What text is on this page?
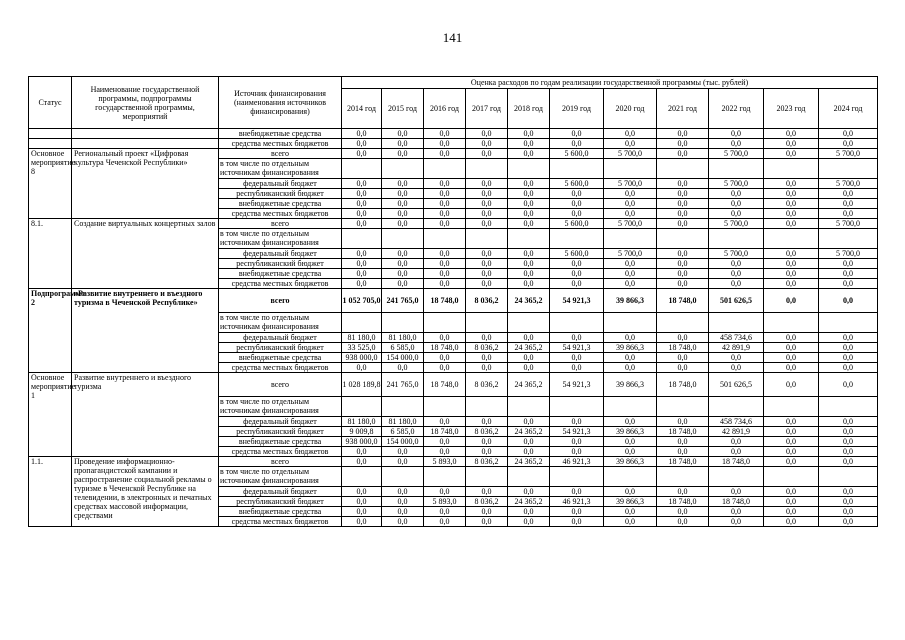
141
Статус	Наименование государственной программы, подпрограммы государственной программы, мероприятий	Источник финансирования (наименования источников финансирования)	Оценка расходов по годам реализации государственной программы (тыс. рублей)										
			2014 год	2015 год	2016 год	2017 год	2018 год	2019 год	2020 год	2021 год	2022 год	2023 год	2024 год
		внебюджетные средства	0,0	0,0	0,0	0,0	0,0	0,0	0,0	0,0	0,0	0,0	0,0
		средства местных бюджетов	0,0	0,0	0,0	0,0	0,0	0,0	0,0	0,0	0,0	0,0	0,0
Основное мероприятие 8	Региональный проект «Цифровая культура Чеченской Республики»	всего	0,0	0,0	0,0	0,0	0,0	5 600,0	5 700,0	0,0	5 700,0	0,0	5 700,0
		в том числе по отдельным источникам финансирования											
		федеральный бюджет	0,0	0,0	0,0	0,0	0,0	5 600,0	5 700,0	0,0	5 700,0	0,0	5 700,0
		республиканский бюджет	0,0	0,0	0,0	0,0	0,0	0,0	0,0	0,0	0,0	0,0	0,0
		внебюджетные средства	0,0	0,0	0,0	0,0	0,0	0,0	0,0	0,0	0,0	0,0	0,0
		средства местных бюджетов	0,0	0,0	0,0	0,0	0,0	0,0	0,0	0,0	0,0	0,0	0,0
8.1.	Создание виртуальных концертных залов	всего	0,0	0,0	0,0	0,0	0,0	5 600,0	5 700,0	0,0	5 700,0	0,0	5 700,0
		в том числе по отдельным источникам финансирования											
		федеральный бюджет	0,0	0,0	0,0	0,0	0,0	5 600,0	5 700,0	0,0	5 700,0	0,0	5 700,0
		республиканский бюджет	0,0	0,0	0,0	0,0	0,0	0,0	0,0	0,0	0,0	0,0	0,0
		внебюджетные средства	0,0	0,0	0,0	0,0	0,0	0,0	0,0	0,0	0,0	0,0	0,0
		средства местных бюджетов	0,0	0,0	0,0	0,0	0,0	0,0	0,0	0,0	0,0	0,0	0,0
Подпрограмма 2	«Развитие внутреннего и въездного туризма в Чеченской Республике»	всего	1 052 705,0	241 765,0	18 748,0	8 036,2	24 365,2	54 921,3	39 866,3	18 748,0	501 626,5	0,0	0,0
		в том числе по отдельным источникам финансирования											
		федеральный бюджет	81 180,0	81 180,0	0,0	0,0	0,0	0,0	0,0	0,0	458 734,6	0,0	0,0
		республиканский бюджет	33 525,0	6 585,0	18 748,0	8 036,2	24 365,2	54 921,3	39 866,3	18 748,0	42 891,9	0,0	0,0
		внебюджетные средства	938 000,0	154 000,0	0,0	0,0	0,0	0,0	0,0	0,0	0,0	0,0	0,0
		средства местных бюджетов	0,0	0,0	0,0	0,0	0,0	0,0	0,0	0,0	0,0	0,0	0,0
Основное мероприятие 1	Развитие внутреннего и въездного туризма	всего	1 028 189,8	241 765,0	18 748,0	8 036,2	24 365,2	54 921,3	39 866,3	18 748,0	501 626,5	0,0	0,0
		в том числе по отдельным источникам финансирования											
		федеральный бюджет	81 180,0	81 180,0	0,0	0,0	0,0	0,0	0,0	0,0	458 734,6	0,0	0,0
		республиканский бюджет	9 009,8	6 585,0	18 748,0	8 036,2	24 365,2	54 921,3	39 866,3	18 748,0	42 891,9	0,0	0,0
		внебюджетные средства	938 000,0	154 000,0	0,0	0,0	0,0	0,0	0,0	0,0	0,0	0,0	0,0
		средства местных бюджетов	0,0	0,0	0,0	0,0	0,0	0,0	0,0	0,0	0,0	0,0	0,0
1.1.	Проведение информационно-пропагандистской кампании и распространение социальной рекламы о туризме в Чеченской Республике на телевидении, в электронных и печатных средствах массовой информации, средствами	всего	0,0	0,0	5 893,0	8 036,2	24 365,2	46 921,3	39 866,3	18 748,0	18 748,0	0,0	0,0
		в том числе по отдельным источникам финансирования											
		федеральный бюджет	0,0	0,0	0,0	0,0	0,0	0,0	0,0	0,0	0,0	0,0	0,0
		республиканский бюджет	0,0	0,0	5 893,0	8 036,2	24 365,2	46 921,3	39 866,3	18 748,0	18 748,0	0,0	0,0
		внебюджетные средства	0,0	0,0	0,0	0,0	0,0	0,0	0,0	0,0	0,0	0,0	0,0
		средства местных бюджетов	0,0	0,0	0,0	0,0	0,0	0,0	0,0	0,0	0,0	0,0	0,0
